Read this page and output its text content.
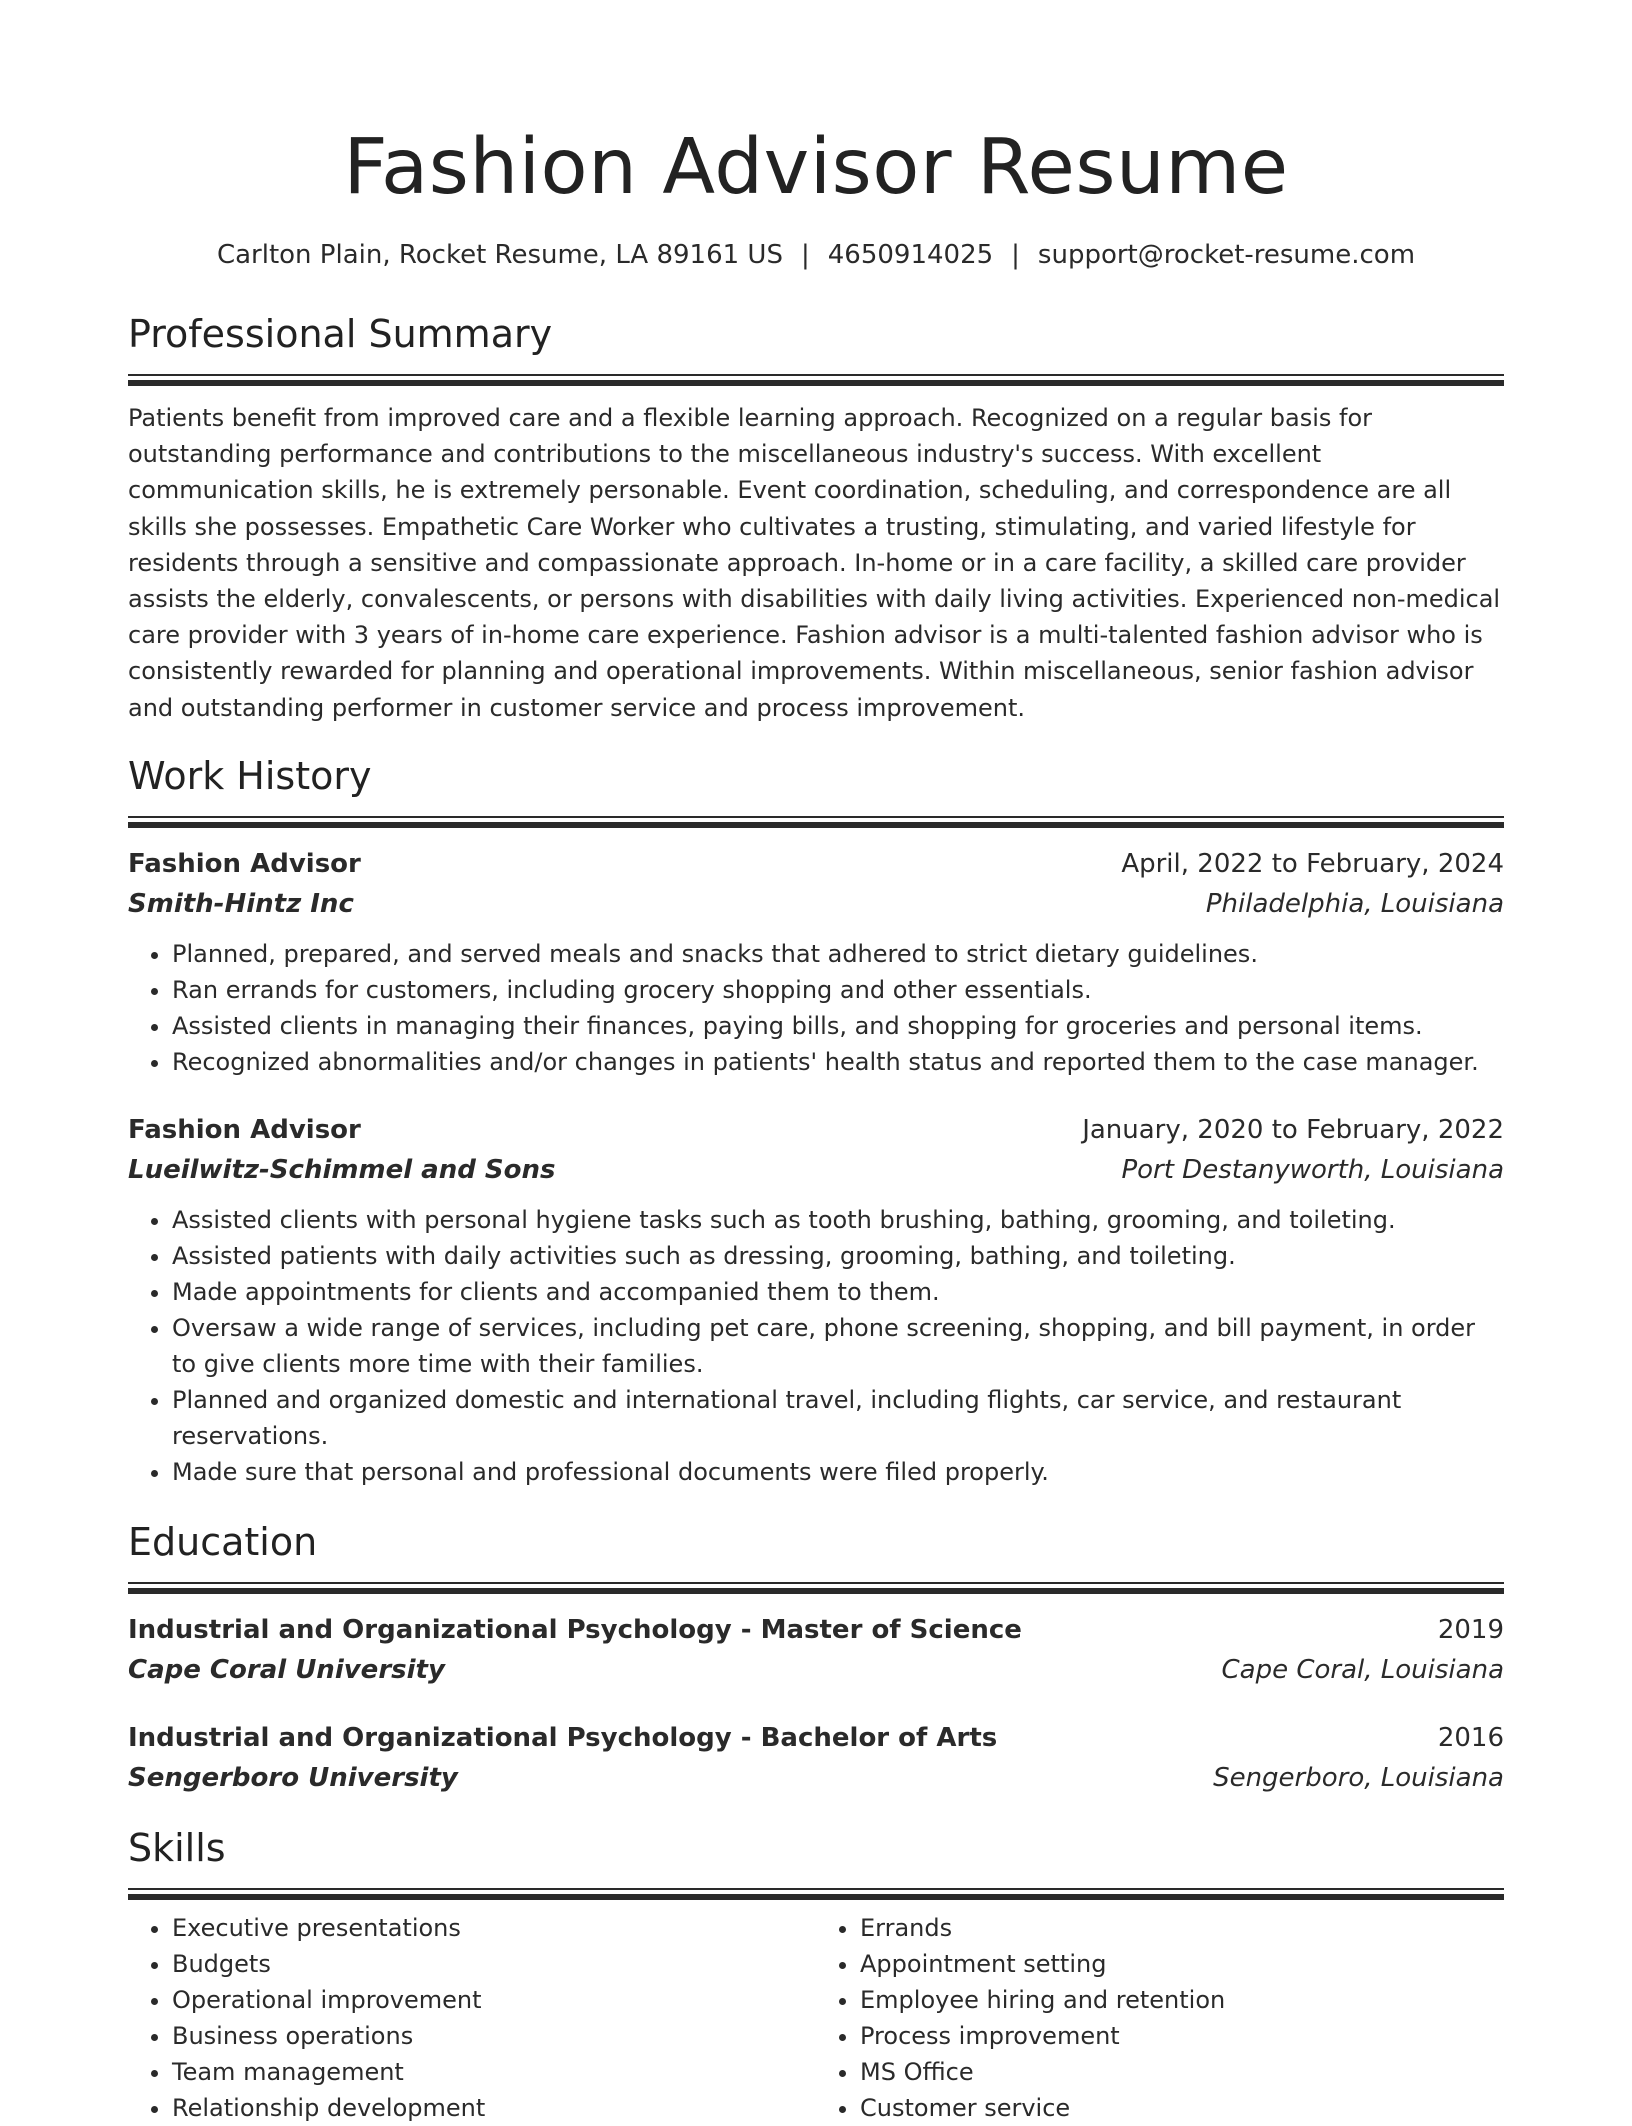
Fashion Advisor Resume
Carlton Plain, Rocket Resume, LA 89161 US | 4650914025 | support@rocket-resume.com
Professional Summary

Patients benefit from improved care and a flexible learning approach. Recognized on a regular basis for outstanding performance and contributions to the miscellaneous industry's success. With excellent communication skills, he is extremely personable. Event coordination, scheduling, and correspondence are all skills she possesses. Empathetic Care Worker who cultivates a trusting, stimulating, and varied lifestyle for residents through a sensitive and compassionate approach. In-home or in a care facility, a skilled care provider assists the elderly, convalescents, or persons with disabilities with daily living activities. Experienced non-medical care provider with 3 years of in-home care experience. Fashion advisor is a multi-talented fashion advisor who is consistently rewarded for planning and operational improvements. Within miscellaneous, senior fashion advisor and outstanding performer in customer service and process improvement.

Work History
Fashion Advisor	April, 2022 to February, 2024
Smith-Hintz Inc	Philadelphia, Louisiana
• Planned, prepared, and served meals and snacks that adhered to strict dietary guidelines.
• Ran errands for customers, including grocery shopping and other essentials.
• Assisted clients in managing their finances, paying bills, and shopping for groceries and personal items.
• Recognized abnormalities and/or changes in patients' health status and reported them to the case manager.
Fashion Advisor	January, 2020 to February, 2022
Lueilwitz-Schimmel and Sons	Port Destanyworth, Louisiana
• Assisted clients with personal hygiene tasks such as tooth brushing, bathing, grooming, and toileting.
• Assisted patients with daily activities such as dressing, grooming, bathing, and toileting.
• Made appointments for clients and accompanied them to them.
• Oversaw a wide range of services, including pet care, phone screening, shopping, and bill payment, in order to give clients more time with their families.
• Planned and organized domestic and international travel, including flights, car service, and restaurant reservations.
• Made sure that personal and professional documents were filed properly.
Education
Industrial and Organizational Psychology - Master of Science	2019
Cape Coral University	Cape Coral, Louisiana
Industrial and Organizational Psychology - Bachelor of Arts	2016
Sengerboro University	Sengerboro, Louisiana
Skills
• Executive presentations
• Budgets
• Operational improvement
• Business operations
• Team management
• Relationship development
• Errands
• Appointment setting
• Employee hiring and retention
• Process improvement
• MS Office
• Customer service
